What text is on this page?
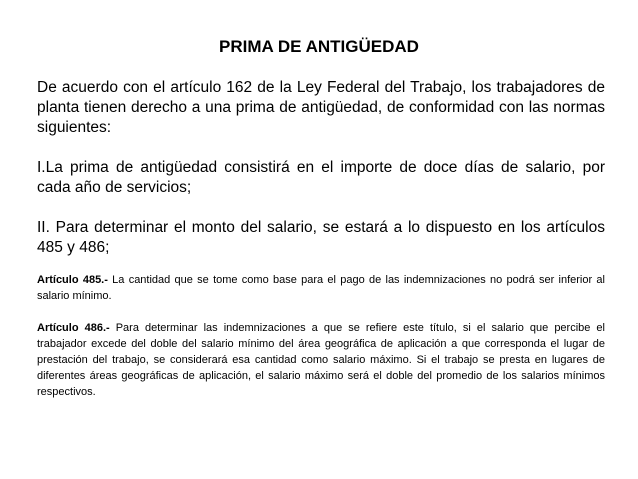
PRIMA DE ANTIGÜEDAD

De acuerdo con el artículo 162 de la Ley Federal del Trabajo, los trabajadores de planta tienen derecho a una prima de antigüedad, de conformidad con las normas siguientes:

I.La prima de antigüedad consistirá en el importe de doce días de salario, por cada año de servicios;

II. Para determinar el monto del salario, se estará a lo dispuesto en los artículos 485 y 486;

Artículo 485.- La cantidad que se tome como base para el pago de las indemnizaciones no podrá ser inferior al salario mínimo.

Artículo 486.- Para determinar las indemnizaciones a que se refiere este título, si el salario que percibe el trabajador excede del doble del salario mínimo del área geográfica de aplicación a que corresponda el lugar de prestación del trabajo, se considerará esa cantidad como salario máximo. Si el trabajo se presta en lugares de diferentes áreas geográficas de aplicación, el salario máximo será el doble del promedio de los salarios mínimos respectivos.
